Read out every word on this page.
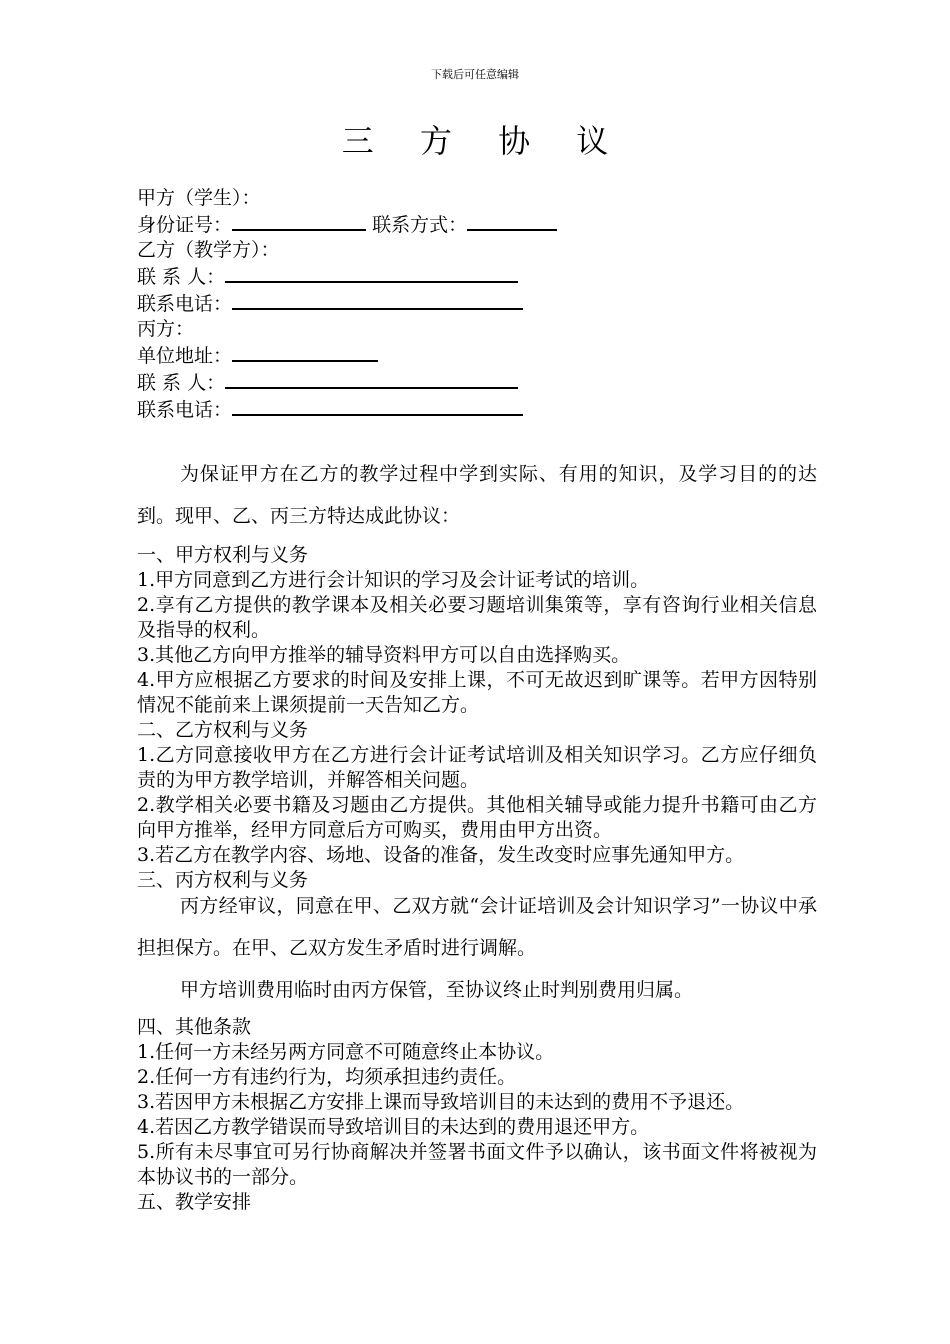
下载后可任意编辑
三 方 协 议
甲方（学生）：
身份证号：	联系方式：
乙方（教学方）：
联 系 人：
联系电话：
丙方：
单位地址：
联 系 人：
联系电话：
为保证甲方在乙方的教学过程中学到实际、有用的知识，及学习目的的达到。现甲、乙、丙三方特达成此协议：
一、甲方权利与义务
1.甲方同意到乙方进行会计知识的学习及会计证考试的培训。
2.享有乙方提供的教学课本及相关必要习题培训集策等，享有咨询行业相关信息及指导的权利。
3.其他乙方向甲方推举的辅导资料甲方可以自由选择购买。
4.甲方应根据乙方要求的时间及安排上课，不可无故迟到旷课等。若甲方因特别情况不能前来上课须提前一天告知乙方。
二、乙方权利与义务
1.乙方同意接收甲方在乙方进行会计证考试培训及相关知识学习。乙方应仔细负责的为甲方教学培训，并解答相关问题。
2.教学相关必要书籍及习题由乙方提供。其他相关辅导或能力提升书籍可由乙方向甲方推举，经甲方同意后方可购买，费用由甲方出资。
3.若乙方在教学内容、场地、设备的准备，发生改变时应事先通知甲方。
三、丙方权利与义务
丙方经审议，同意在甲、乙双方就“会计证培训及会计知识学习”一协议中承担担保方。在甲、乙双方发生矛盾时进行调解。
甲方培训费用临时由丙方保管，至协议终止时判别费用归属。
四、其他条款
1.任何一方未经另两方同意不可随意终止本协议。
2.任何一方有违约行为，均须承担违约责任。
3.若因甲方未根据乙方安排上课而导致培训目的未达到的费用不予退还。
4.若因乙方教学错误而导致培训目的未达到的费用退还甲方。
5.所有未尽事宜可另行协商解决并签署书面文件予以确认，该书面文件将被视为本协议书的一部分。
五、教学安排
